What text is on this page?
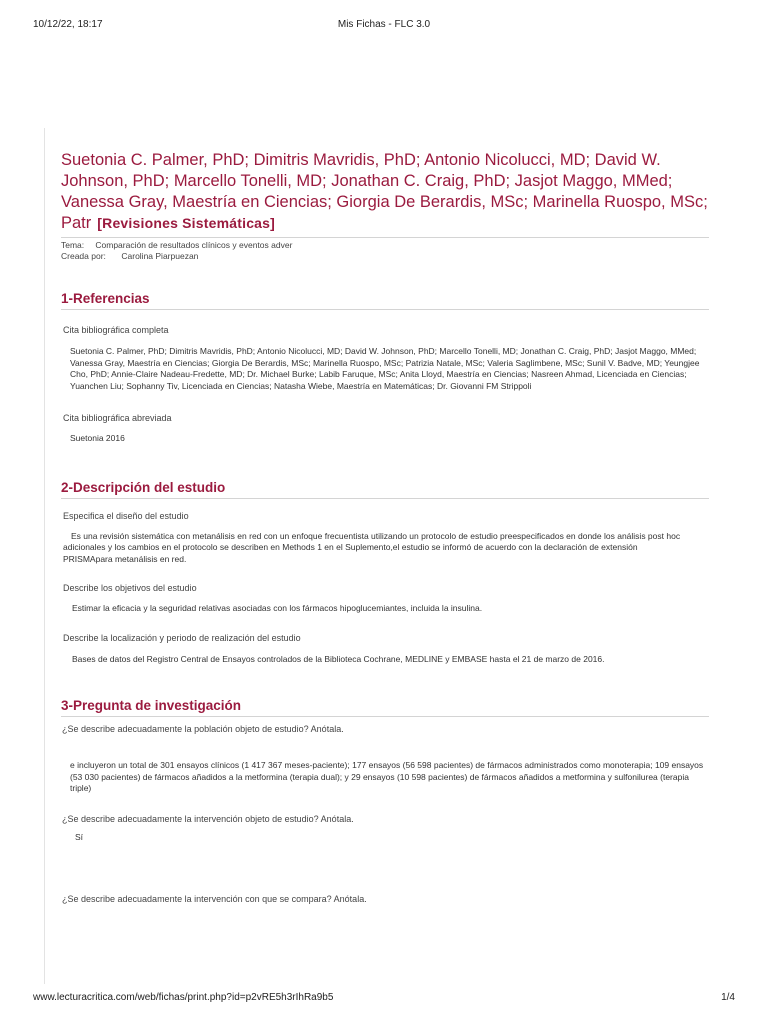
10/12/22, 18:17	Mis Fichas - FLC 3.0
Suetonia C. Palmer, PhD; Dimitris Mavridis, PhD; Antonio Nicolucci, MD; David W. Johnson, PhD; Marcello Tonelli, MD; Jonathan C. Craig, PhD; Jasjot Maggo, MMed; Vanessa Gray, Maestría en Ciencias; Giorgia De Berardis, MSc; Marinella Ruospo, MSc; Patr [Revisiones Sistemáticas]
Tema: Comparación de resultados clínicos y eventos adver
Creada por: Carolina Piarpuezan
1-Referencias
Cita bibliográfica completa
Suetonia C. Palmer, PhD; Dimitris Mavridis, PhD; Antonio Nicolucci, MD; David W. Johnson, PhD; Marcello Tonelli, MD; Jonathan C. Craig, PhD; Jasjot Maggo, MMed; Vanessa Gray, Maestría en Ciencias; Giorgia De Berardis, MSc; Marinella Ruospo, MSc; Patrizia Natale, MSc; Valeria Saglimbene, MSc; Sunil V. Badve, MD; Yeungjee Cho, PhD; Annie-Claire Nadeau-Fredette, MD; Dr. Michael Burke; Labib Faruque, MSc; Anita Lloyd, Maestría en Ciencias; Nasreen Ahmad, Licenciada en Ciencias; Yuanchen Liu; Sophanny Tiv, Licenciada en Ciencias; Natasha Wiebe, Maestría en Matemáticas; Dr. Giovanni FM Strippoli
Cita bibliográfica abreviada
Suetonia 2016
2-Descripción del estudio
Especifica el diseño del estudio
Es una revisión sistemática con metanálisis en red con un enfoque frecuentista utilizando un protocolo de estudio preespecificados en donde los análisis post hoc adicionales y los cambios en el protocolo se describen en Methods 1 en el Suplemento,el estudio se informó de acuerdo con la declaración de extensión PRISMApara metanálisis en red.
Describe los objetivos del estudio
Estimar la eficacia y la seguridad relativas asociadas con los fármacos hipoglucemiantes, incluida la insulina.
Describe la localización y periodo de realización del estudio
Bases de datos del Registro Central de Ensayos controlados de la Biblioteca Cochrane, MEDLINE y EMBASE hasta el 21 de marzo de 2016.
3-Pregunta de investigación
¿Se describe adecuadamente la población objeto de estudio? Anótala.
e incluyeron un total de 301 ensayos clínicos (1 417 367 meses-paciente); 177 ensayos (56 598 pacientes) de fármacos administrados como monoterapia; 109 ensayos (53 030 pacientes) de fármacos añadidos a la metformina (terapia dual); y 29 ensayos (10 598 pacientes) de fármacos añadidos a metformina y sulfonilurea (terapia triple)
¿Se describe adecuadamente la intervención objeto de estudio? Anótala.
Sí
¿Se describe adecuadamente la intervención con que se compara? Anótala.
www.lecturacritica.com/web/fichas/print.php?id=p2vRE5h3rIhRa9b5	1/4
